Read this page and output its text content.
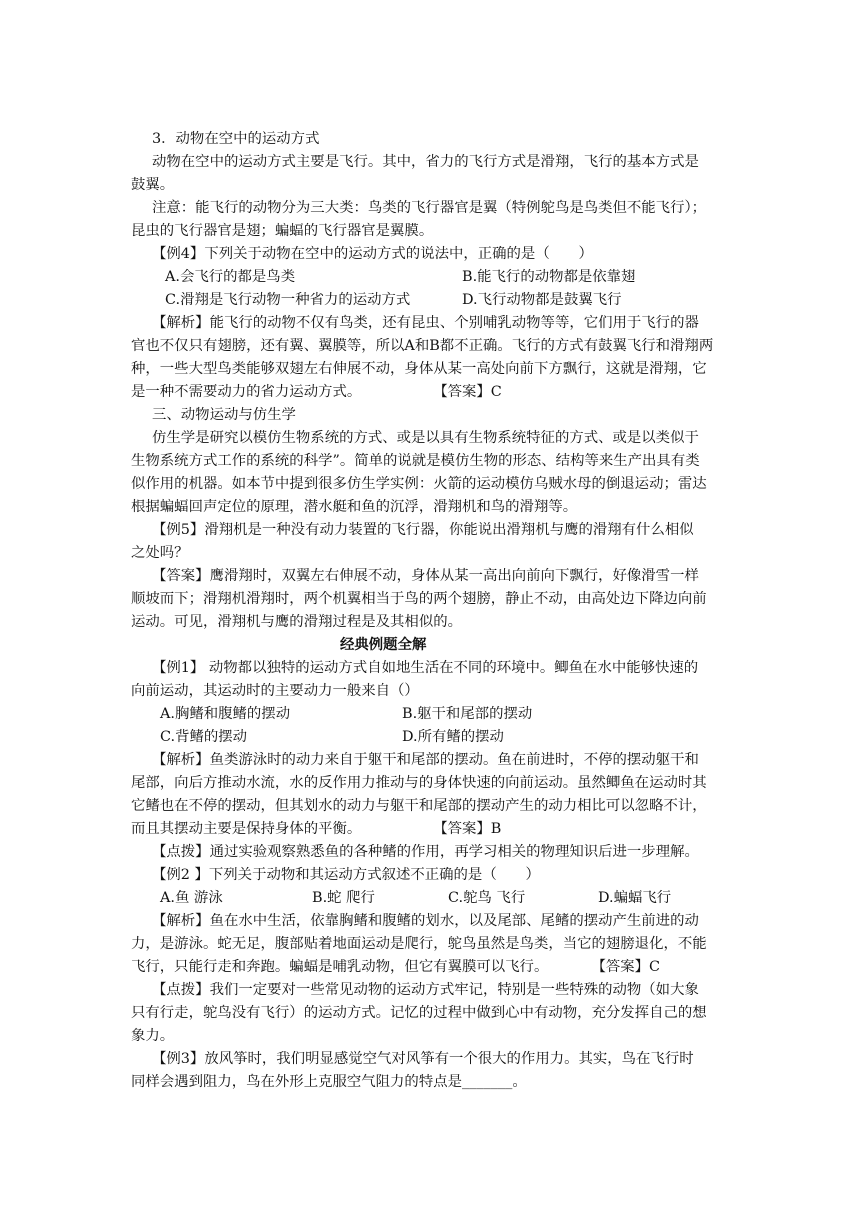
3．动物在空中的运动方式
动物在空中的运动方式主要是飞行。其中，省力的飞行方式是滑翔，飞行的基本方式是
鼓翼。
注意：能飞行的动物分为三大类：鸟类的飞行器官是翼（特例鸵鸟是鸟类但不能飞行）；
昆虫的飞行器官是翅；蝙蝠的飞行器官是翼膜。
【例4】下列关于动物在空中的运动方式的说法中，正确的是（　　）
A.会飞行的都是鸟类	B.能飞行的动物都是依靠翅
C.滑翔是飞行动物一种省力的运动方式	D.飞行动物都是鼓翼飞行
【解析】能飞行的动物不仅有鸟类，还有昆虫、个别哺乳动物等等，它们用于飞行的器
官也不仅只有翅膀，还有翼、翼膜等，所以A和B都不正确。飞行的方式有鼓翼飞行和滑翔两
种，一些大型鸟类能够双翅左右伸展不动，身体从某一高处向前下方飘行，这就是滑翔，它
是一种不需要动力的省力运动方式。　　　　　　【答案】C
三、动物运动与仿生学
仿生学是研究以模仿生物系统的方式、或是以具有生物系统特征的方式、或是以类似于
生物系统方式工作的系统的科学”。简单的说就是模仿生物的形态、结构等来生产出具有类
似作用的机器。如本节中提到很多仿生学实例：火箭的运动模仿乌贼水母的倒退运动；雷达
根据蝙蝠回声定位的原理，潜水艇和鱼的沉浮，滑翔机和鸟的滑翔等。
【例5】滑翔机是一种没有动力装置的飞行器，你能说出滑翔机与鹰的滑翔有什么相似
之处吗？
【答案】鹰滑翔时，双翼左右伸展不动，身体从某一高出向前向下飘行，好像滑雪一样
顺坡而下；滑翔机滑翔时，两个机翼相当于鸟的两个翅膀，静止不动，由高处边下降边向前
运动。可见，滑翔机与鹰的滑翔过程是及其相似的。
经典例题全解
【例1】 动物都以独特的运动方式自如地生活在不同的环境中。鲫鱼在水中能够快速的
向前运动，其运动时的主要动力一般来自（）
A.胸鳍和腹鳍的摆动	B.躯干和尾部的摆动
C.背鳍的摆动	D.所有鳍的摆动
【解析】鱼类游泳时的动力来自于躯干和尾部的摆动。鱼在前进时，不停的摆动躯干和
尾部，向后方推动水流，水的反作用力推动与的身体快速的向前运动。虽然鲫鱼在运动时其
它鳍也在不停的摆动，但其划水的动力与躯干和尾部的摆动产生的动力相比可以忽略不计，
而且其摆动主要是保持身体的平衡。　　　　　　【答案】B
【点拨】通过实验观察熟悉鱼的各种鳍的作用，再学习相关的物理知识后进一步理解。
【例2 】下列关于动物和其运动方式叙述不正确的是（　　）
A.鱼 游泳	B.蛇 爬行	C.鸵鸟 飞行	D.蝙蝠飞行
【解析】鱼在水中生活，依靠胸鳍和腹鳍的划水，以及尾部、尾鳍的摆动产生前进的动
力，是游泳。蛇无足，腹部贴着地面运动是爬行，鸵鸟虽然是鸟类，当它的翅膀退化，不能
飞行，只能行走和奔跑。蝙蝠是哺乳动物，但它有翼膜可以飞行。　　　　【答案】C
【点拨】我们一定要对一些常见动物的运动方式牢记，特别是一些特殊的动物（如大象
只有行走，鸵鸟没有飞行）的运动方式。记忆的过程中做到心中有动物，充分发挥自己的想
象力。
【例3】放风筝时，我们明显感觉空气对风筝有一个很大的作用力。其实，鸟在飞行时
同样会遇到阻力，鸟在外形上克服空气阻力的特点是_______。
